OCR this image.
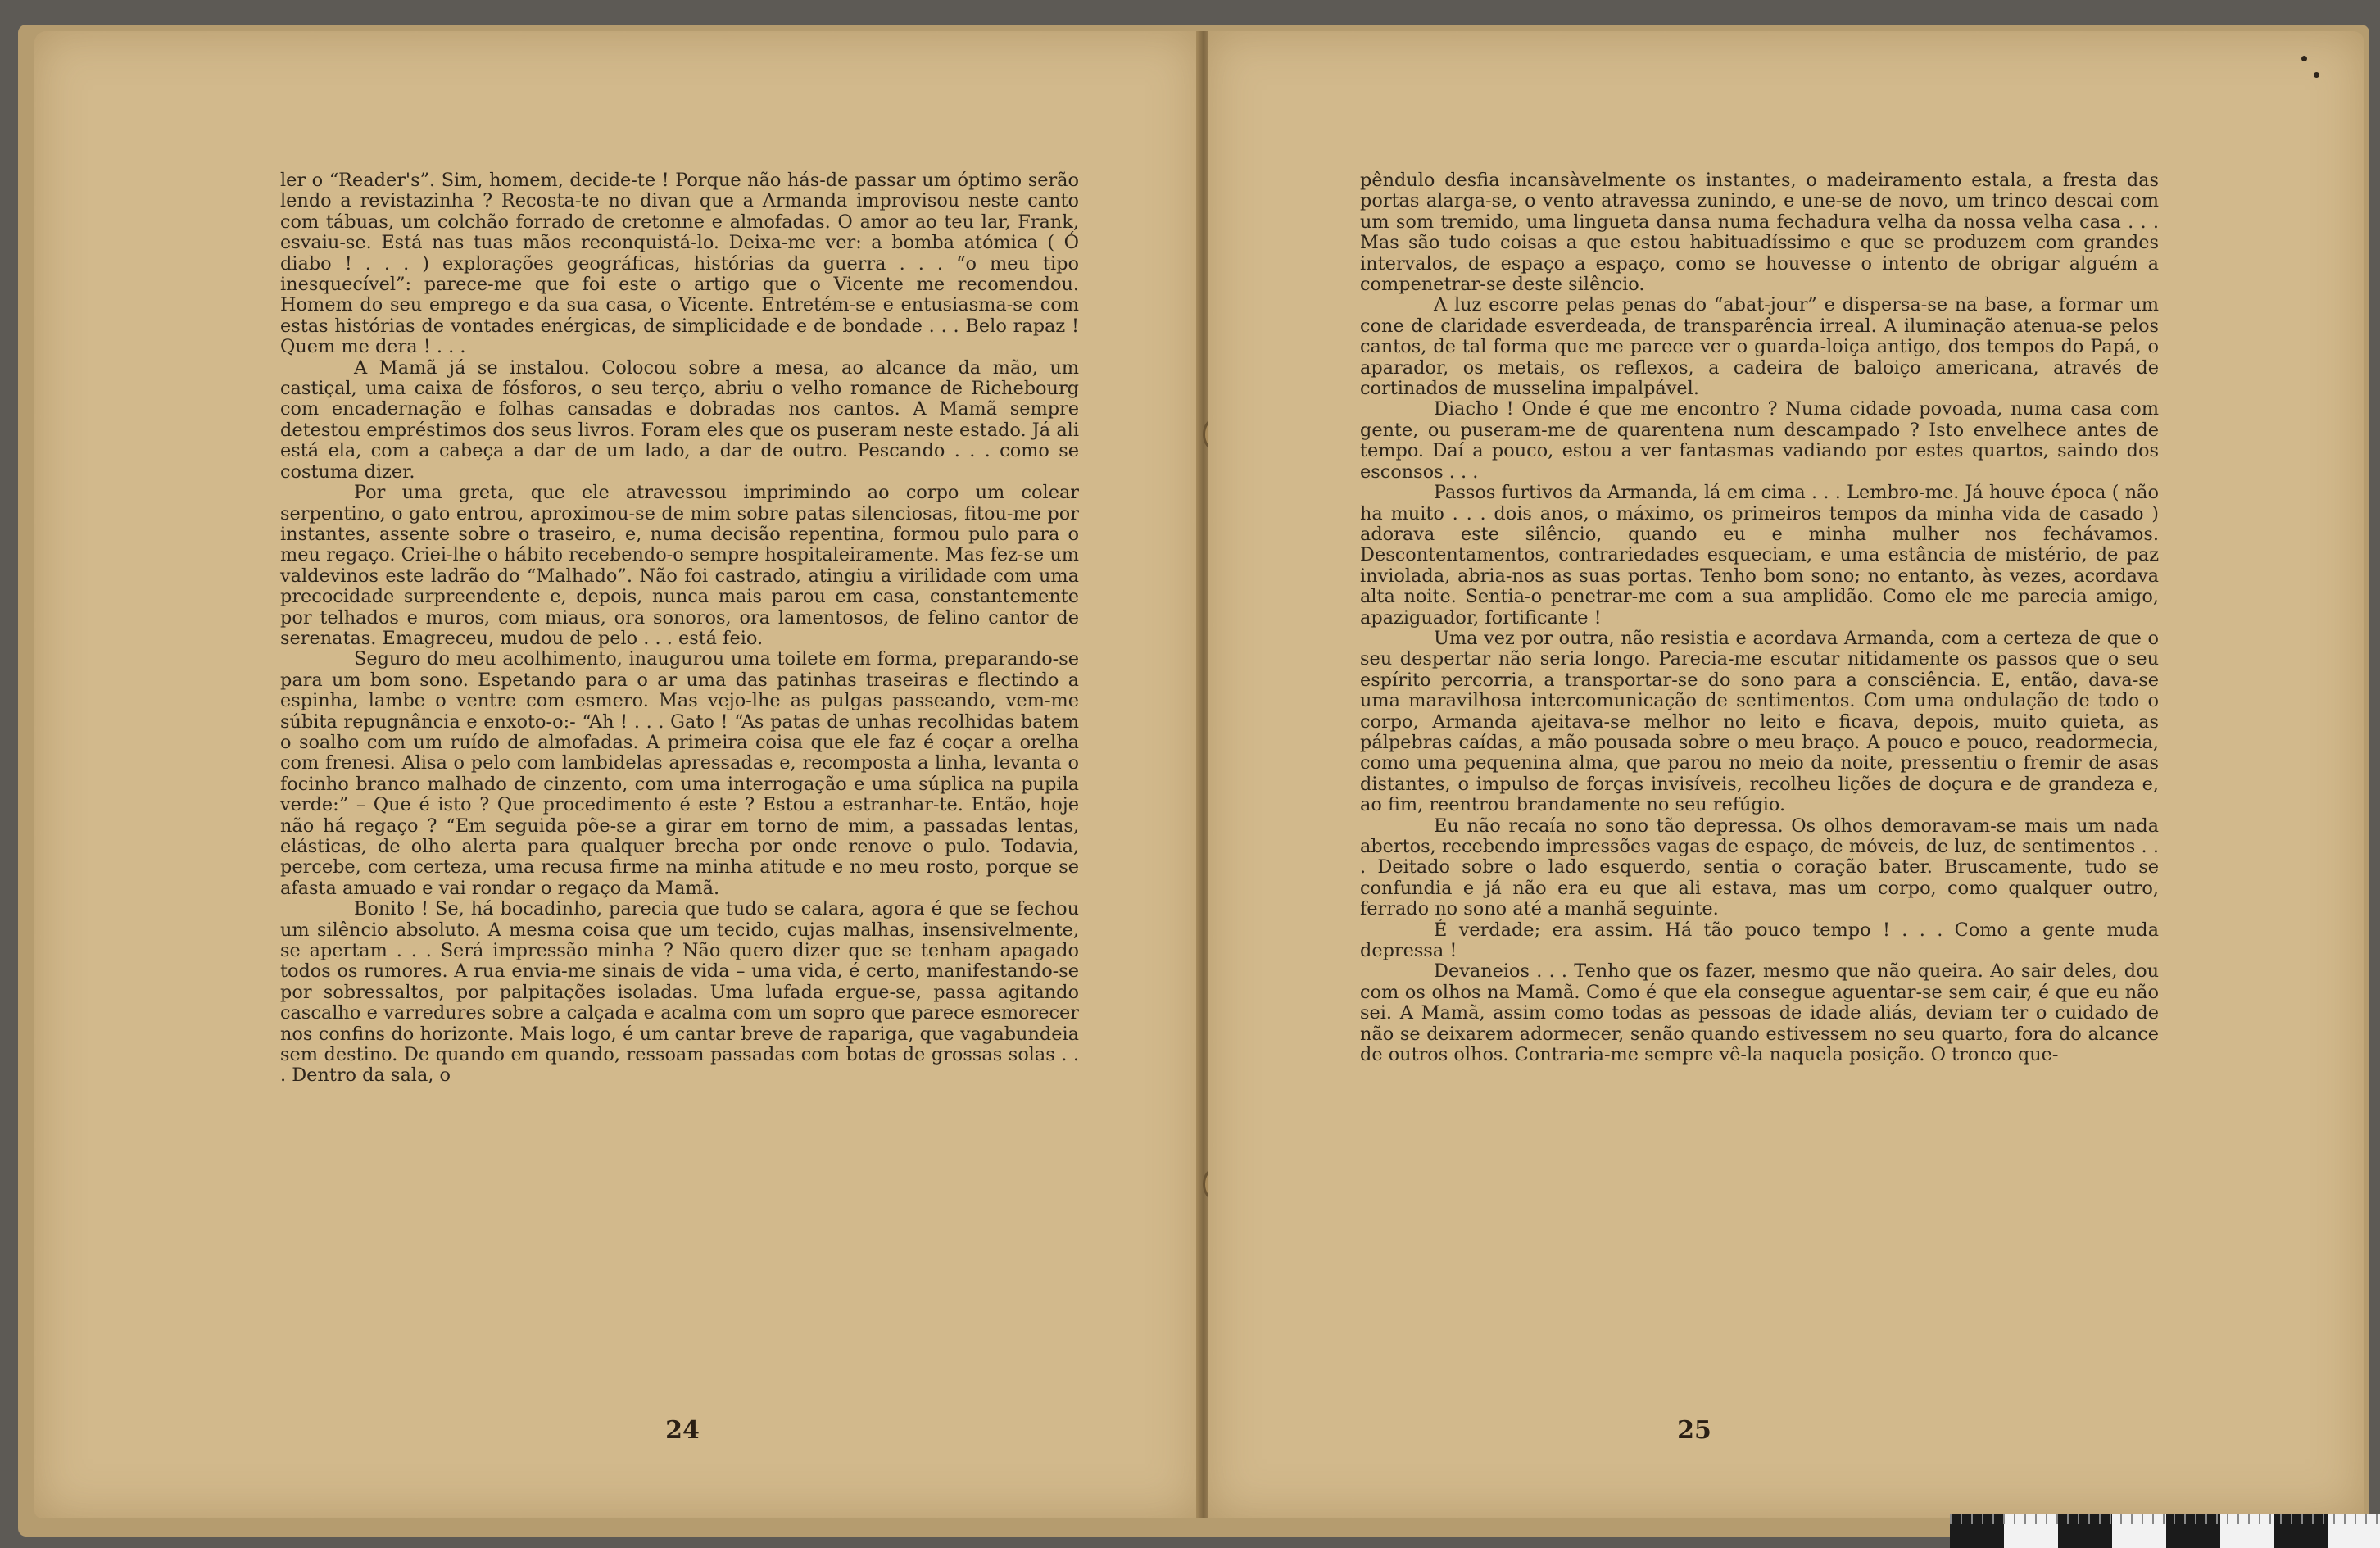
ler o “Reader's”. Sim, homem, decide-te ! Porque não hás-de passar um óptimo serão lendo a revistazinha ? Recosta-te no divan que a Armanda improvisou neste canto com tábuas, um colchão forrado de cretonne e almofadas. O amor ao teu lar, Frank, esvaiu-se. Está nas tuas mãos reconquistá-lo. Deixa-me ver: a bomba atómica ( Ó diabo ! . . . ) explorações geográficas, histórias da guerra . . . “o meu tipo inesquecível”: parece-me que foi este o artigo que o Vicente me recomendou. Homem do seu emprego e da sua casa, o Vicente. Entretém-se e entusiasma-se com estas histórias de vontades enérgicas, de simplicidade e de bondade . . . Belo rapaz ! Quem me dera ! . . .

A Mamã já se instalou. Colocou sobre a mesa, ao alcance da mão, um castiçal, uma caixa de fósforos, o seu terço, abriu o velho romance de Richebourg com encadernação e folhas cansadas e dobradas nos cantos. A Mamã sempre detestou empréstimos dos seus livros. Foram eles que os puseram neste estado. Já ali está ela, com a cabeça a dar de um lado, a dar de outro. Pescando . . . como se costuma dizer.

Por uma greta, que ele atravessou imprimindo ao corpo um colear serpentino, o gato entrou, aproximou-se de mim sobre patas silenciosas, fitou-me por instantes, assente sobre o traseiro, e, numa decisão repentina, formou pulo para o meu regaço. Criei-lhe o hábito recebendo-o sempre hospitaleiramente. Mas fez-se um valdevinos este ladrão do “Malhado”. Não foi castrado, atingiu a virilidade com uma precocidade surpreendente e, depois, nunca mais parou em casa, constantemente por telhados e muros, com miaus, ora sonoros, ora lamentosos, de felino cantor de serenatas. Emagreceu, mudou de pelo . . . está feio.

Seguro do meu acolhimento, inaugurou uma toilete em forma, preparando-se para um bom sono. Espetando para o ar uma das patinhas traseiras e flectindo a espinha, lambe o ventre com esmero. Mas vejo-lhe as pulgas passeando, vem-me súbita repugnância e enxoto-o:- “Ah ! . . . Gato ! “As patas de unhas recolhidas batem o soalho com um ruído de almofadas. A primeira coisa que ele faz é coçar a orelha com frenesi. Alisa o pelo com lambidelas apressadas e, recomposta a linha, levanta o focinho branco malhado de cinzento, com uma interrogação e uma súplica na pupila verde:” – Que é isto ? Que procedimento é este ? Estou a estranhar-te. Então, hoje não há regaço ? “Em seguida põe-se a girar em torno de mim, a passadas lentas, elásticas, de olho alerta para qualquer brecha por onde renove o pulo. Todavia, percebe, com certeza, uma recusa firme na minha atitude e no meu rosto, porque se afasta amuado e vai rondar o regaço da Mamã.

Bonito ! Se, há bocadinho, parecia que tudo se calara, agora é que se fechou um silêncio absoluto. A mesma coisa que um tecido, cujas malhas, insensivelmente, se apertam . . . Será impressão minha ? Não quero dizer que se tenham apagado todos os rumores. A rua envia-me sinais de vida – uma vida, é certo, manifestando-se por sobressaltos, por palpitações isoladas. Uma lufada ergue-se, passa agitando cascalho e varredures sobre a calçada e acalma com um sopro que parece esmorecer nos confins do horizonte. Mais logo, é um cantar breve de rapariga, que vagabundeia sem destino. De quando em quando, ressoam passadas com botas de grossas solas . . . Dentro da sala, o

24

pêndulo desfia incansàvelmente os instantes, o madeiramento estala, a fresta das portas alarga-se, o vento atravessa zunindo, e une-se de novo, um trinco descai com um som tremido, uma lingueta dansa numa fechadura velha da nossa velha casa . . . Mas são tudo coisas a que estou habituadíssimo e que se produzem com grandes intervalos, de espaço a espaço, como se houvesse o intento de obrigar alguém a compenetrar-se deste silêncio.

A luz escorre pelas penas do “abat-jour” e dispersa-se na base, a formar um cone de claridade esverdeada, de transparência irreal. A iluminação atenua-se pelos cantos, de tal forma que me parece ver o guarda-loiça antigo, dos tempos do Papá, o aparador, os metais, os reflexos, a cadeira de baloiço americana, através de cortinados de musselina impalpável.

Diacho ! Onde é que me encontro ? Numa cidade povoada, numa casa com gente, ou puseram-me de quarentena num descampado ? Isto envelhece antes de tempo. Daí a pouco, estou a ver fantasmas vadiando por estes quartos, saindo dos esconsos . . .

Passos furtivos da Armanda, lá em cima . . . Lembro-me. Já houve época ( não ha muito . . . dois anos, o máximo, os primeiros tempos da minha vida de casado ) adorava este silêncio, quando eu e minha mulher nos fechávamos. Descontentamentos, contrariedades esqueciam, e uma estância de mistério, de paz inviolada, abria-nos as suas portas. Tenho bom sono; no entanto, às vezes, acordava alta noite. Sentia-o penetrar-me com a sua amplidão. Como ele me parecia amigo, apaziguador, fortificante !

Uma vez por outra, não resistia e acordava Armanda, com a certeza de que o seu despertar não seria longo. Parecia-me escutar nitidamente os passos que o seu espírito percorria, a transportar-se do sono para a consciência. E, então, dava-se uma maravilhosa intercomunicação de sentimentos. Com uma ondulação de todo o corpo, Armanda ajeitava-se melhor no leito e ficava, depois, muito quieta, as pálpebras caídas, a mão pousada sobre o meu braço. A pouco e pouco, readormecia, como uma pequenina alma, que parou no meio da noite, pressentiu o fremir de asas distantes, o impulso de forças invisíveis, recolheu lições de doçura e de grandeza e, ao fim, reentrou brandamente no seu refúgio.

Eu não recaía no sono tão depressa. Os olhos demoravam-se mais um nada abertos, recebendo impressões vagas de espaço, de móveis, de luz, de sentimentos . . . Deitado sobre o lado esquerdo, sentia o coração bater. Bruscamente, tudo se confundia e já não era eu que ali estava, mas um corpo, como qualquer outro, ferrado no sono até a manhã seguinte.

É verdade; era assim. Há tão pouco tempo ! . . . Como a gente muda depressa !

Devaneios . . . Tenho que os fazer, mesmo que não queira. Ao sair deles, dou com os olhos na Mamã. Como é que ela consegue aguentar-se sem cair, é que eu não sei. A Mamã, assim como todas as pessoas de idade aliás, deviam ter o cuidado de não se deixarem adormecer, senão quando estivessem no seu quarto, fora do alcance de outros olhos. Contraria-me sempre vê-la naquela posição. O tronco que-

25
